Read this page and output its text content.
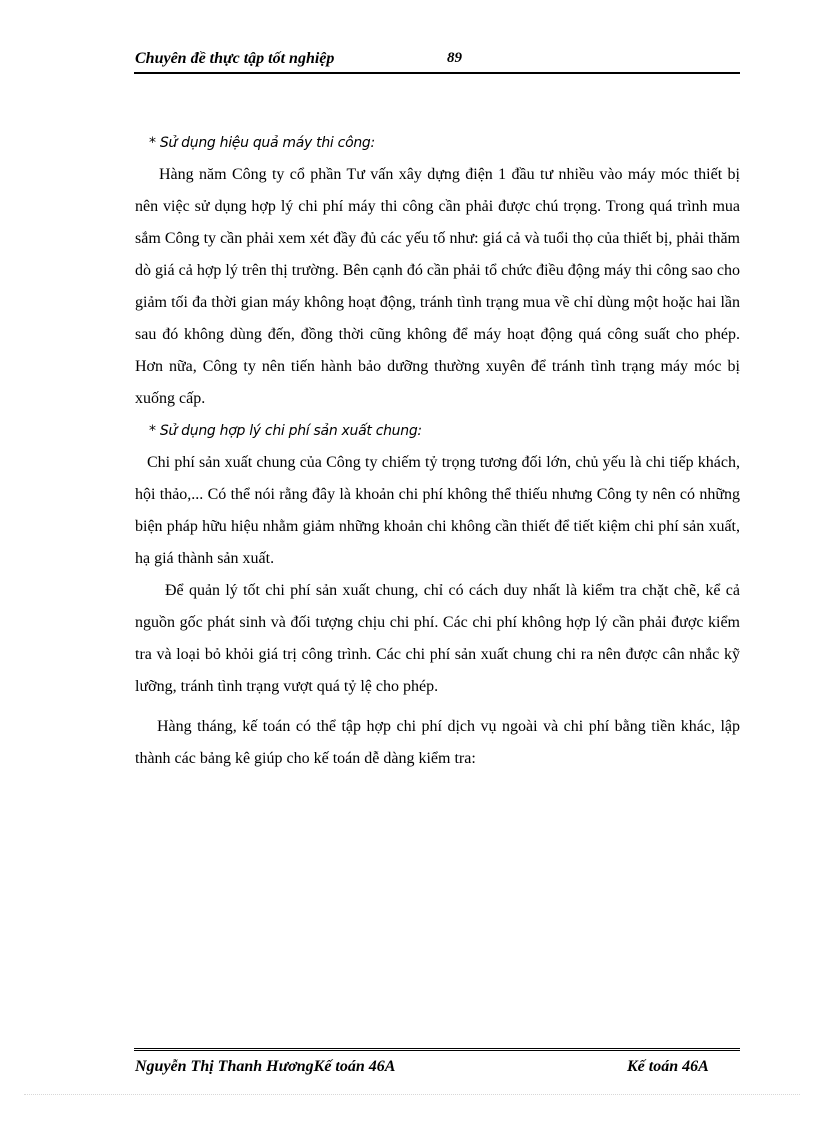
Chuyên đề thực tập tốt nghiệp	89

* Sử dụng hiệu quả máy thi công:

Hàng năm Công ty cổ phần Tư vấn xây dựng điện 1 đầu tư nhiều vào máy móc thiết bị nên việc sử dụng hợp lý chi phí máy thi công cần phải được chú trọng. Trong quá trình mua sắm Công ty cần phải xem xét đầy đủ các yếu tố như: giá cả và tuổi thọ của thiết bị, phải thăm dò giá cả hợp lý trên thị trường. Bên cạnh đó cần phải tổ chức điều động máy thi công sao cho giảm tối đa thời gian máy không hoạt động, tránh tình trạng mua về chỉ dùng một hoặc hai lần sau đó không dùng đến, đồng thời cũng không để máy hoạt động quá công suất cho phép. Hơn nữa, Công ty nên tiến hành bảo dưỡng thường xuyên để tránh tình trạng máy móc bị xuống cấp.

* Sử dụng hợp lý chi phí sản xuất chung:

Chi phí sản xuất chung của Công ty chiếm tỷ trọng tương đối lớn, chủ yếu là chi tiếp khách, hội thảo,... Có thể nói rằng đây là khoản chi phí không thể thiếu nhưng Công ty nên có những biện pháp hữu hiệu nhằm giảm những khoản chi không cần thiết để tiết kiệm chi phí sản xuất, hạ giá thành sản xuất.

Để quản lý tốt chi phí sản xuất chung, chỉ có cách duy nhất là kiểm tra chặt chẽ, kể cả nguồn gốc phát sinh và đối tượng chịu chi phí. Các chi phí không hợp lý cần phải được kiểm tra và loại bỏ khỏi giá trị công trình. Các chi phí sản xuất chung chi ra nên được cân nhắc kỹ lưỡng, tránh tình trạng vượt quá tỷ lệ cho phép.

Hàng tháng, kế toán có thể tập hợp chi phí dịch vụ ngoài và chi phí bằng tiền khác, lập thành các bảng kê giúp cho kế toán dễ dàng kiểm tra:

Nguyễn Thị Thanh HươngKế toán 46A	Kế toán 46A
